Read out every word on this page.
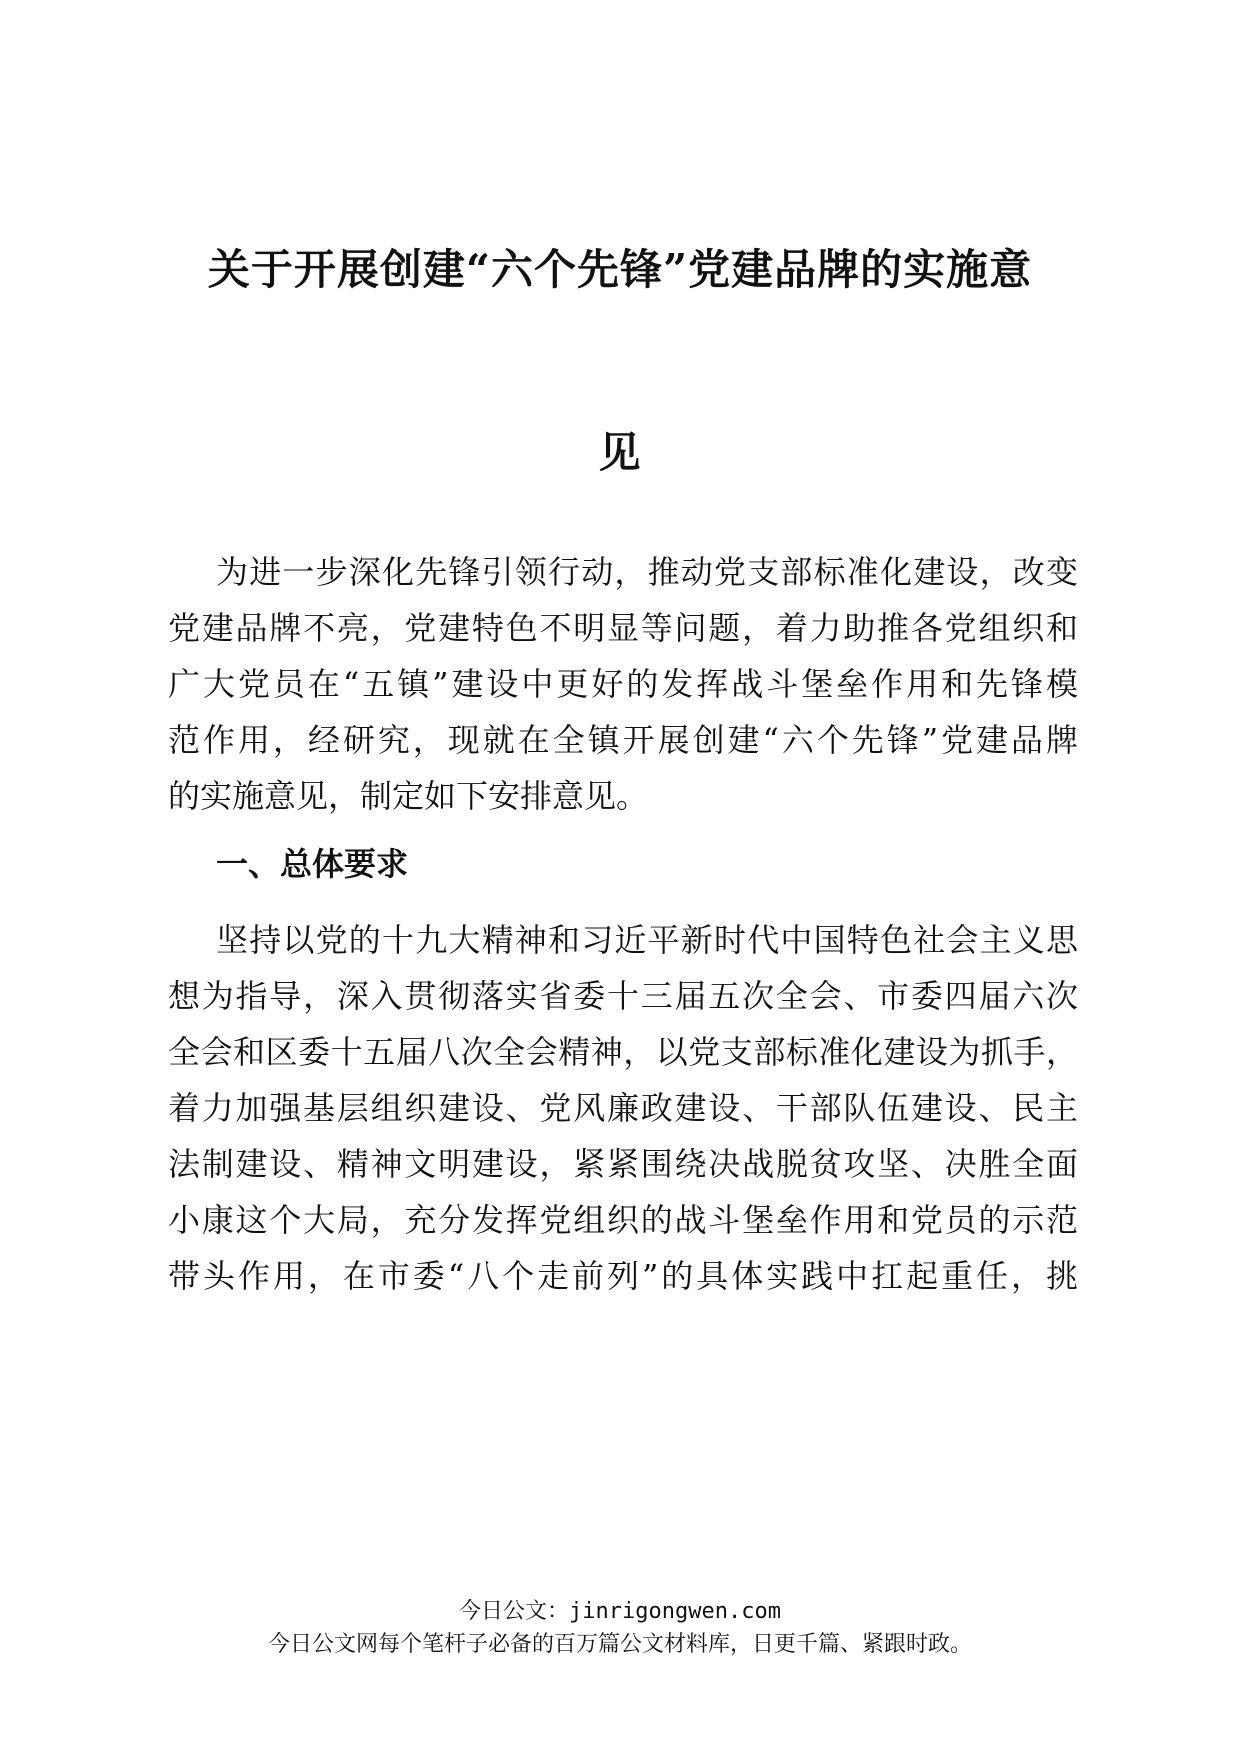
关于开展创建“六个先锋”党建品牌的实施意
见
为进一步深化先锋引领行动，推动党支部标准化建设，改变
党建品牌不亮，党建特色不明显等问题，着力助推各党组织和
广大党员在“五镇”建设中更好的发挥战斗堡垒作用和先锋模
范作用，经研究，现就在全镇开展创建“六个先锋”党建品牌
的实施意见，制定如下安排意见。
一、总体要求
坚持以党的十九大精神和习近平新时代中国特色社会主义思
想为指导，深入贯彻落实省委十三届五次全会、市委四届六次
全会和区委十五届八次全会精神，以党支部标准化建设为抓手，
着力加强基层组织建设、党风廉政建设、干部队伍建设、民主
法制建设、精神文明建设，紧紧围绕决战脱贫攻坚、决胜全面
小康这个大局，充分发挥党组织的战斗堡垒作用和党员的示范
带头作用，在市委“八个走前列”的具体实践中扛起重任，挑
今日公文：jinrigongwen.com
今日公文网每个笔杆子必备的百万篇公文材料库，日更千篇、紧跟时政。
